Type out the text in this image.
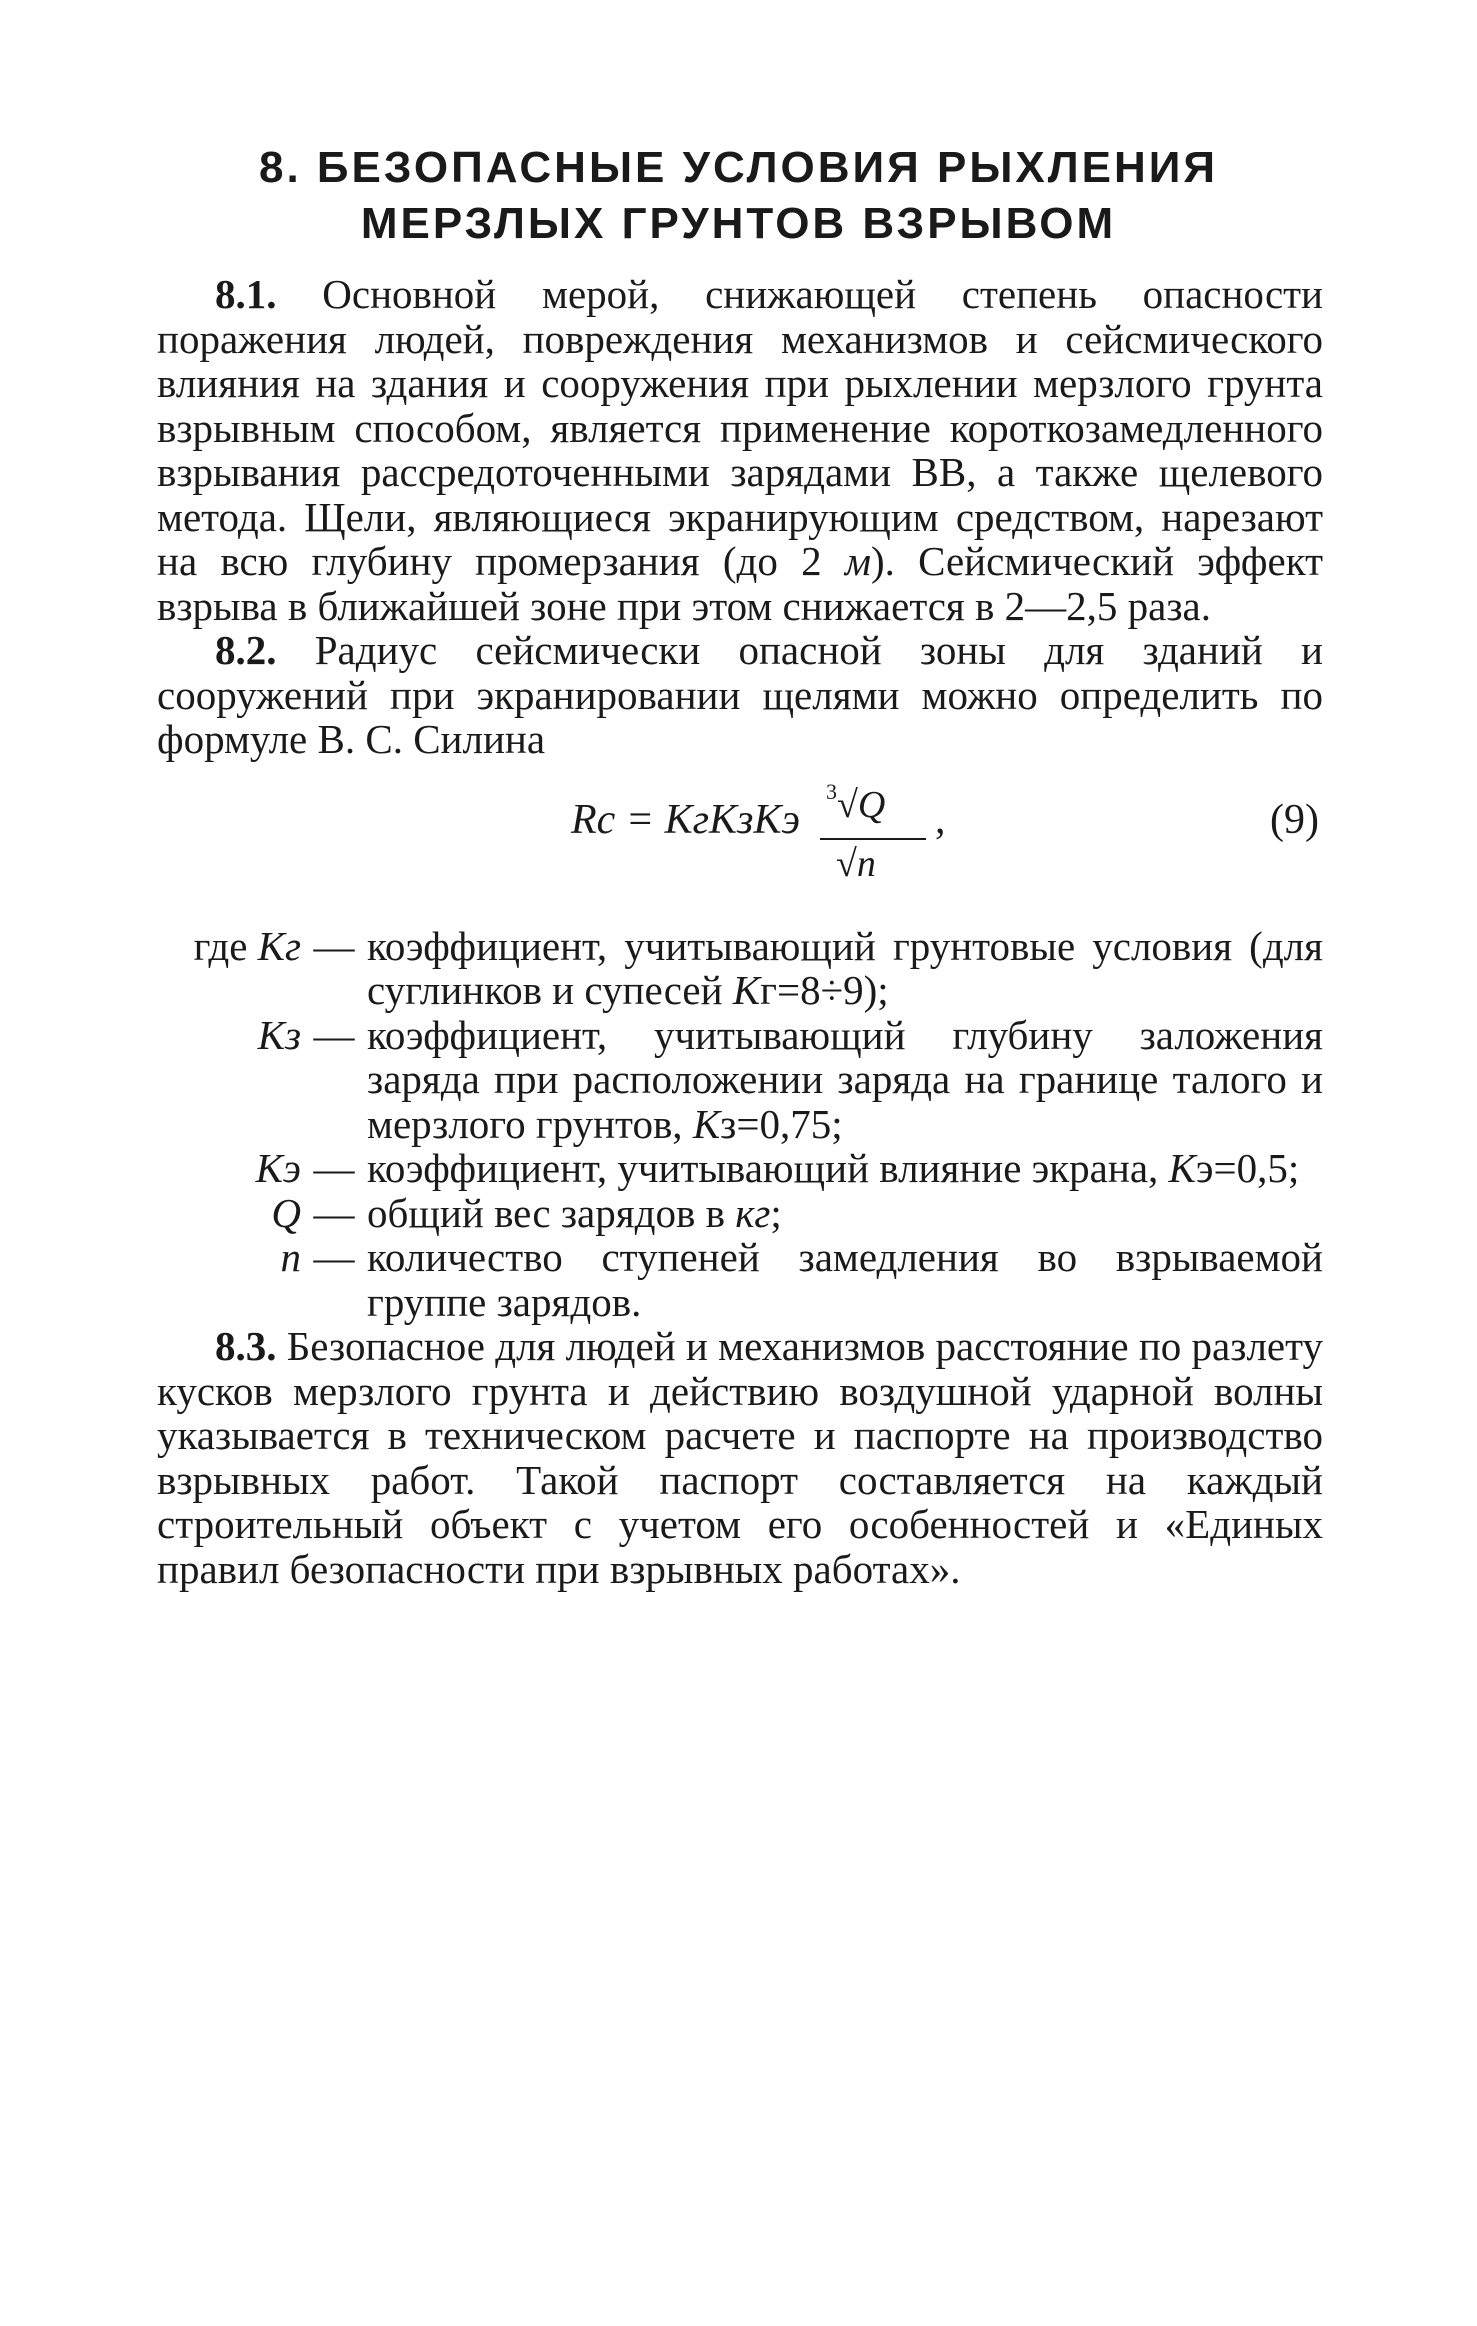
8. БЕЗОПАСНЫЕ УСЛОВИЯ РЫХЛЕНИЯ
МЕРЗЛЫХ ГРУНТОВ ВЗРЫВОМ

8.1. Основной мерой, снижающей степень опасности поражения людей, повреждения механизмов и сейсмического влияния на здания и сооружения при рыхлении мерзлого грунта взрывным способом, является применение короткозамедленного взрывания рассредоточенными зарядами ВВ, а также щелевого метода. Щели, являющиеся экранирующим средством, нарезают на всю глубину промерзания (до 2 м). Сейсмический эффект взрыва в ближайшей зоне при этом снижается в 2—2,5 раза.

8.2. Радиус сейсмически опасной зоны для зданий и сооружений при экранировании щелями можно определить по формуле В. С. Силина

Rс = KгKзKэ
$^3$√Q
√n
,	(9)
где Kг — коэффициент, учитывающий грунтовые условия (для суглинков и супесей Kг=8÷9);
Kз — коэффициент, учитывающий глубину заложения заряда при расположении заряда на границе талого и мерзлого грунтов, Kз=0,75;
Kэ — коэффициент, учитывающий влияние экрана, Kэ=0,5;
Q — общий вес зарядов в кг;
n — количество ступеней замедления во взрываемой группе зарядов.

8.3. Безопасное для людей и механизмов расстояние по разлету кусков мерзлого грунта и действию воздушной ударной волны указывается в техническом расчете и паспорте на производство взрывных работ. Такой паспорт составляется на каждый строительный объект с учетом его особенностей и «Единых правил безопасности при взрывных работах».
